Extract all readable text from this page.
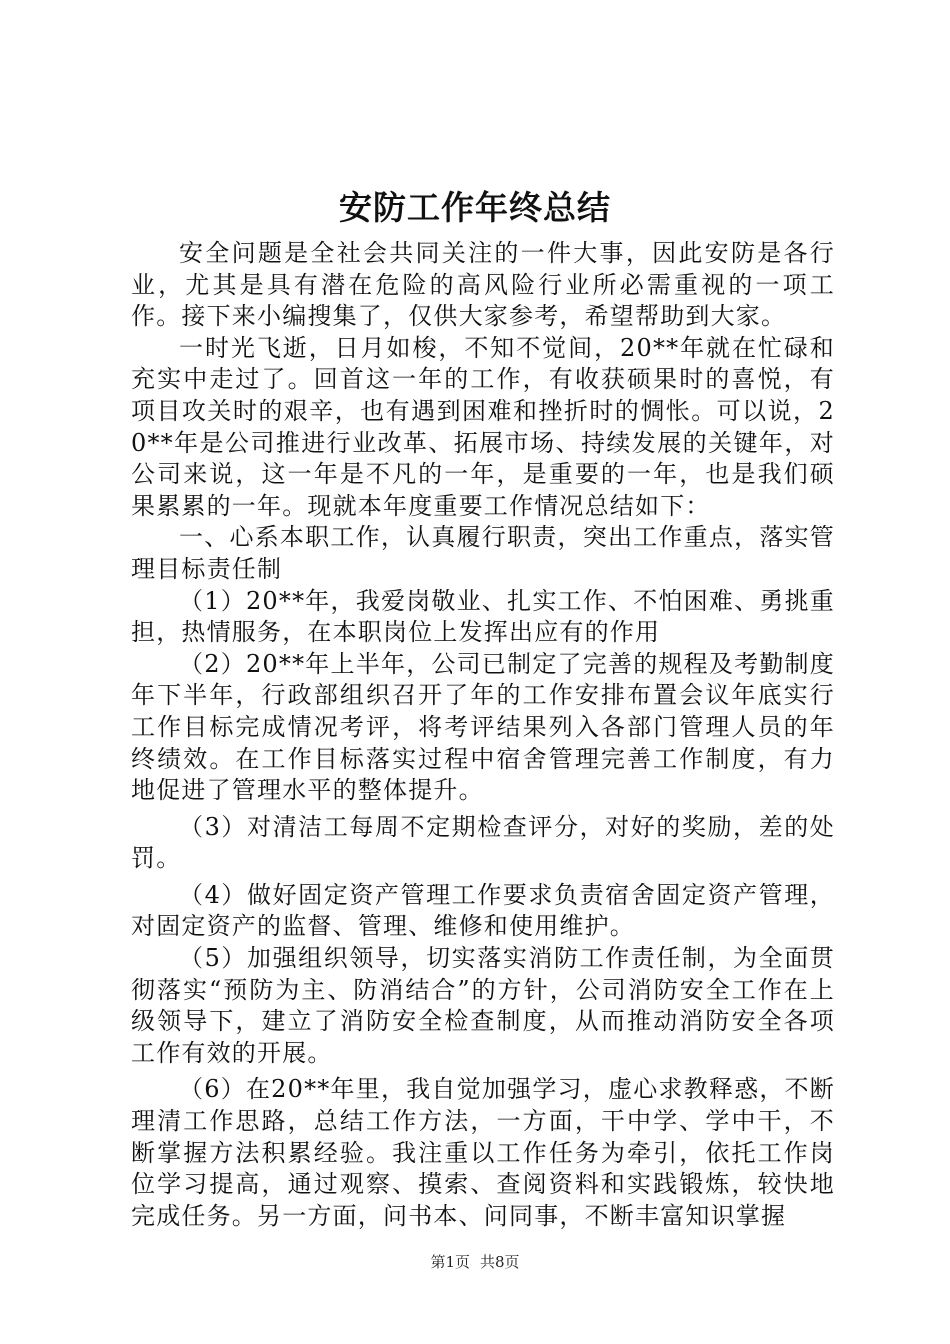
安防工作年终总结

安全问题是全社会共同关注的一件大事，因此安防是各行业，尤其是具有潜在危险的高风险行业所必需重视的一项工作。接下来小编搜集了，仅供大家参考，希望帮助到大家。

一时光飞逝，日月如梭，不知不觉间，20**年就在忙碌和充实中走过了。回首这一年的工作，有收获硕果时的喜悦，有项目攻关时的艰辛，也有遇到困难和挫折时的惆怅。可以说，20**年是公司推进行业改革、拓展市场、持续发展的关键年，对公司来说，这一年是不凡的一年，是重要的一年，也是我们硕果累累的一年。现就本年度重要工作情况总结如下：

一、心系本职工作，认真履行职责，突出工作重点，落实管理目标责任制

（1）20**年，我爱岗敬业、扎实工作、不怕困难、勇挑重担，热情服务，在本职岗位上发挥出应有的作用

（2）20**年上半年，公司已制定了完善的规程及考勤制度年下半年，行政部组织召开了年的工作安排布置会议年底实行工作目标完成情况考评，将考评结果列入各部门管理人员的年终绩效。在工作目标落实过程中宿舍管理完善工作制度，有力地促进了管理水平的整体提升。

（3）对清洁工每周不定期检查评分，对好的奖励，差的处罚。

（4）做好固定资产管理工作要求负责宿舍固定资产管理，对固定资产的监督、管理、维修和使用维护。

（5）加强组织领导，切实落实消防工作责任制，为全面贯彻落实“预防为主、防消结合”的方针，公司消防安全工作在上级领导下，建立了消防安全检查制度，从而推动消防安全各项工作有效的开展。

（6）在20**年里，我自觉加强学习，虚心求教释惑，不断理清工作思路，总结工作方法，一方面，干中学、学中干，不断掌握方法积累经验。我注重以工作任务为牵引，依托工作岗位学习提高，通过观察、摸索、查阅资料和实践锻炼，较快地完成任务。另一方面，问书本、问同事，不断丰富知识掌握

第1页 共8页
